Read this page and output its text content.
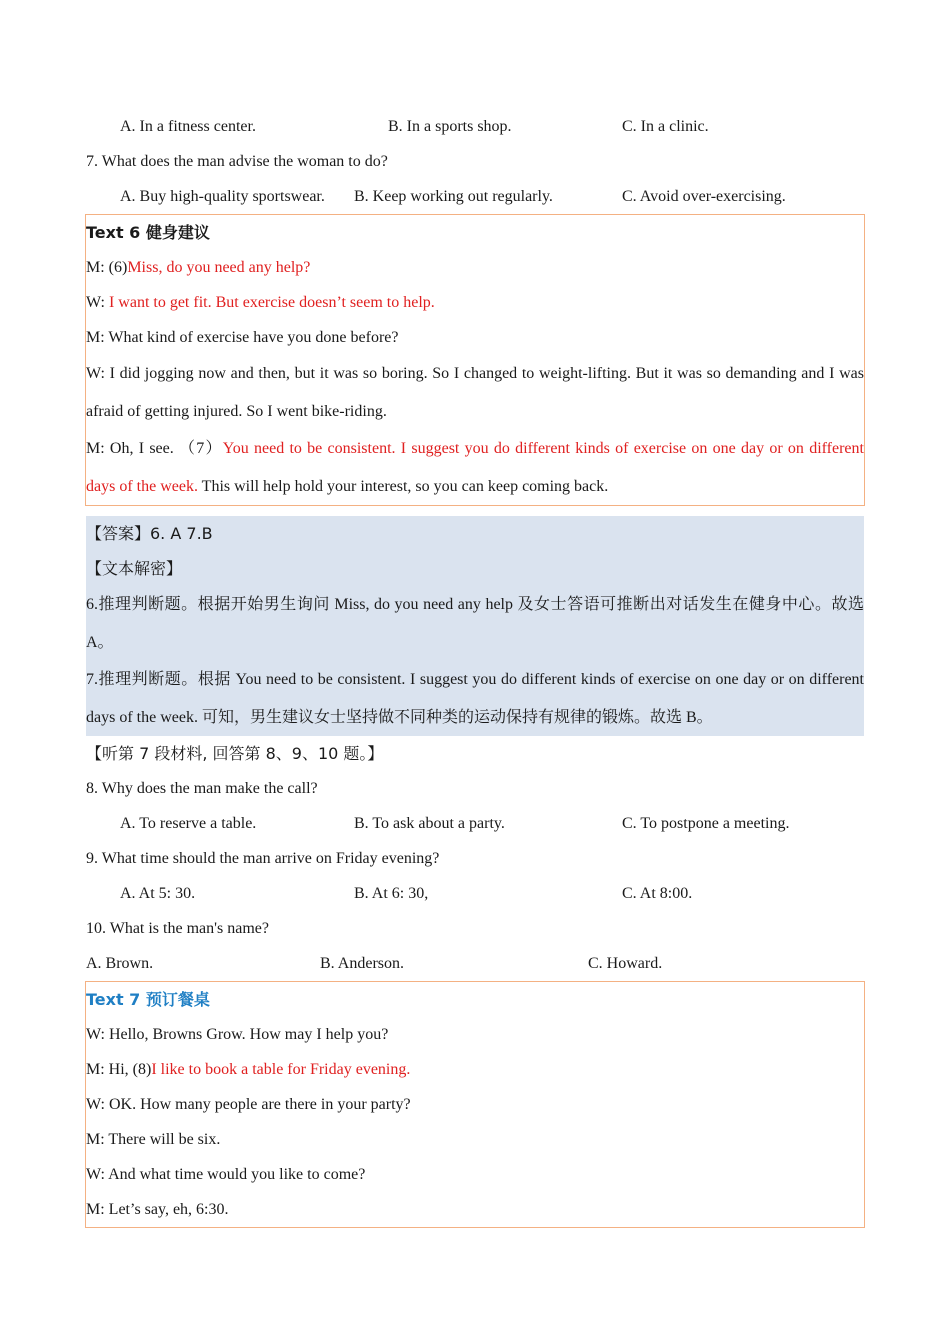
A. In a fitness center.	B. In a sports shop.	C. In a clinic.
7. What does the man advise the woman to do?
A. Buy high-quality sportswear. B. Keep working out regularly.	C. Avoid over-exercising.
Text 6 健身建议
M: (6)Miss, do you need any help?
W: I want to get fit. But exercise doesn’t seem to help.
M: What kind of exercise have you done before?
W: I did jogging now and then, but it was so boring. So I changed to weight-lifting. But it was so demanding and I was afraid of getting injured. So I went bike-riding.
M: Oh, I see. （7）You need to be consistent. I suggest you do different kinds of exercise on one day or on different days of the week. This will help hold your interest, so you can keep coming back.
【答案】6. A 7.B
【文本解密】
6.推理判断题。根据开始男生询问 Miss, do you need any help 及女士答语可推断出对话发生在健身中心。故选 A。
7.推理判断题。根据 You need to be consistent. I suggest you do different kinds of exercise on one day or on different days of the week. 可知，男生建议女士坚持做不同种类的运动保持有规律的锻炼。故选 B。
【听第 7 段材料, 回答第 8、9、10 题。】
8. Why does the man make the call?
A. To reserve a table.	B. To ask about a party.	C. To postpone a meeting.
9. What time should the man arrive on Friday evening?
A. At 5: 30.	B. At 6: 30,	C. At 8:00.
10. What is the man's name?
A. Brown.	B. Anderson.	C. Howard.
Text 7 预订餐桌
W: Hello, Browns Grow. How may I help you?
M: Hi, (8)I like to book a table for Friday evening.
W: OK. How many people are there in your party?
M: There will be six.
W: And what time would you like to come?
M: Let’s say, eh, 6:30.
